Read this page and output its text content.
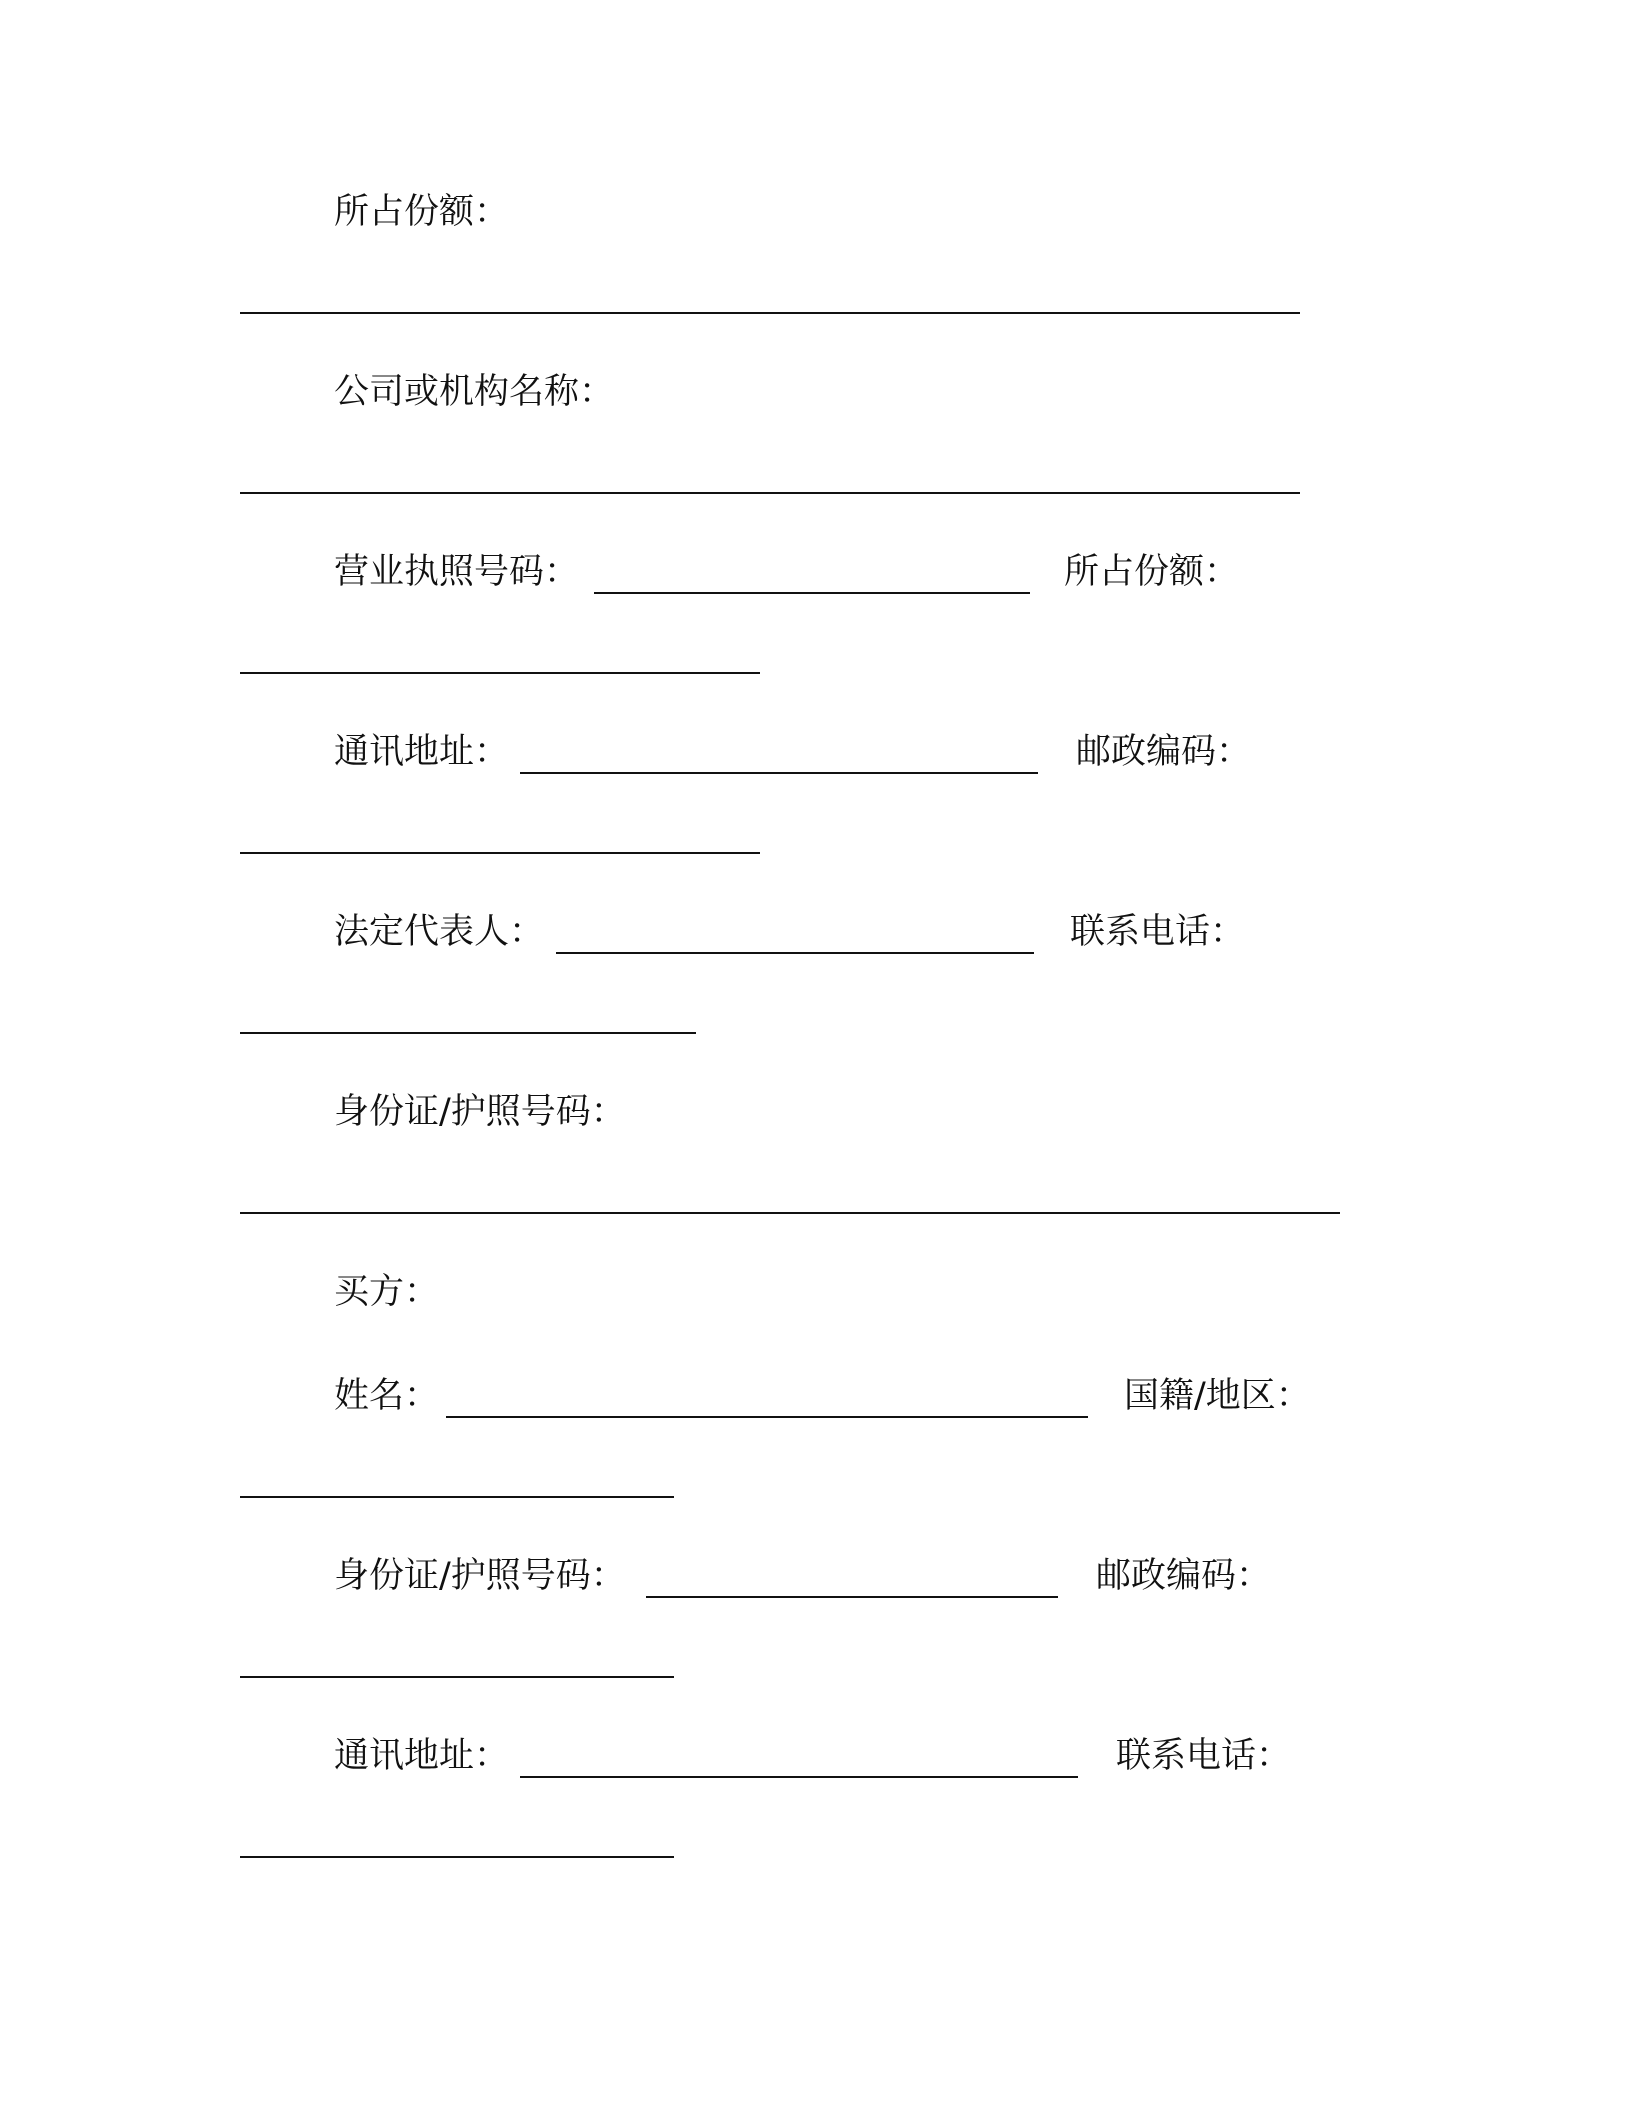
所占份额：
公司或机构名称：
营业执照号码：	所占份额：
通讯地址：	邮政编码：
法定代表人：	联系电话：
身份证/护照号码：
买方：
姓名：	国籍/地区：
身份证/护照号码：	邮政编码：
通讯地址：	联系电话：
